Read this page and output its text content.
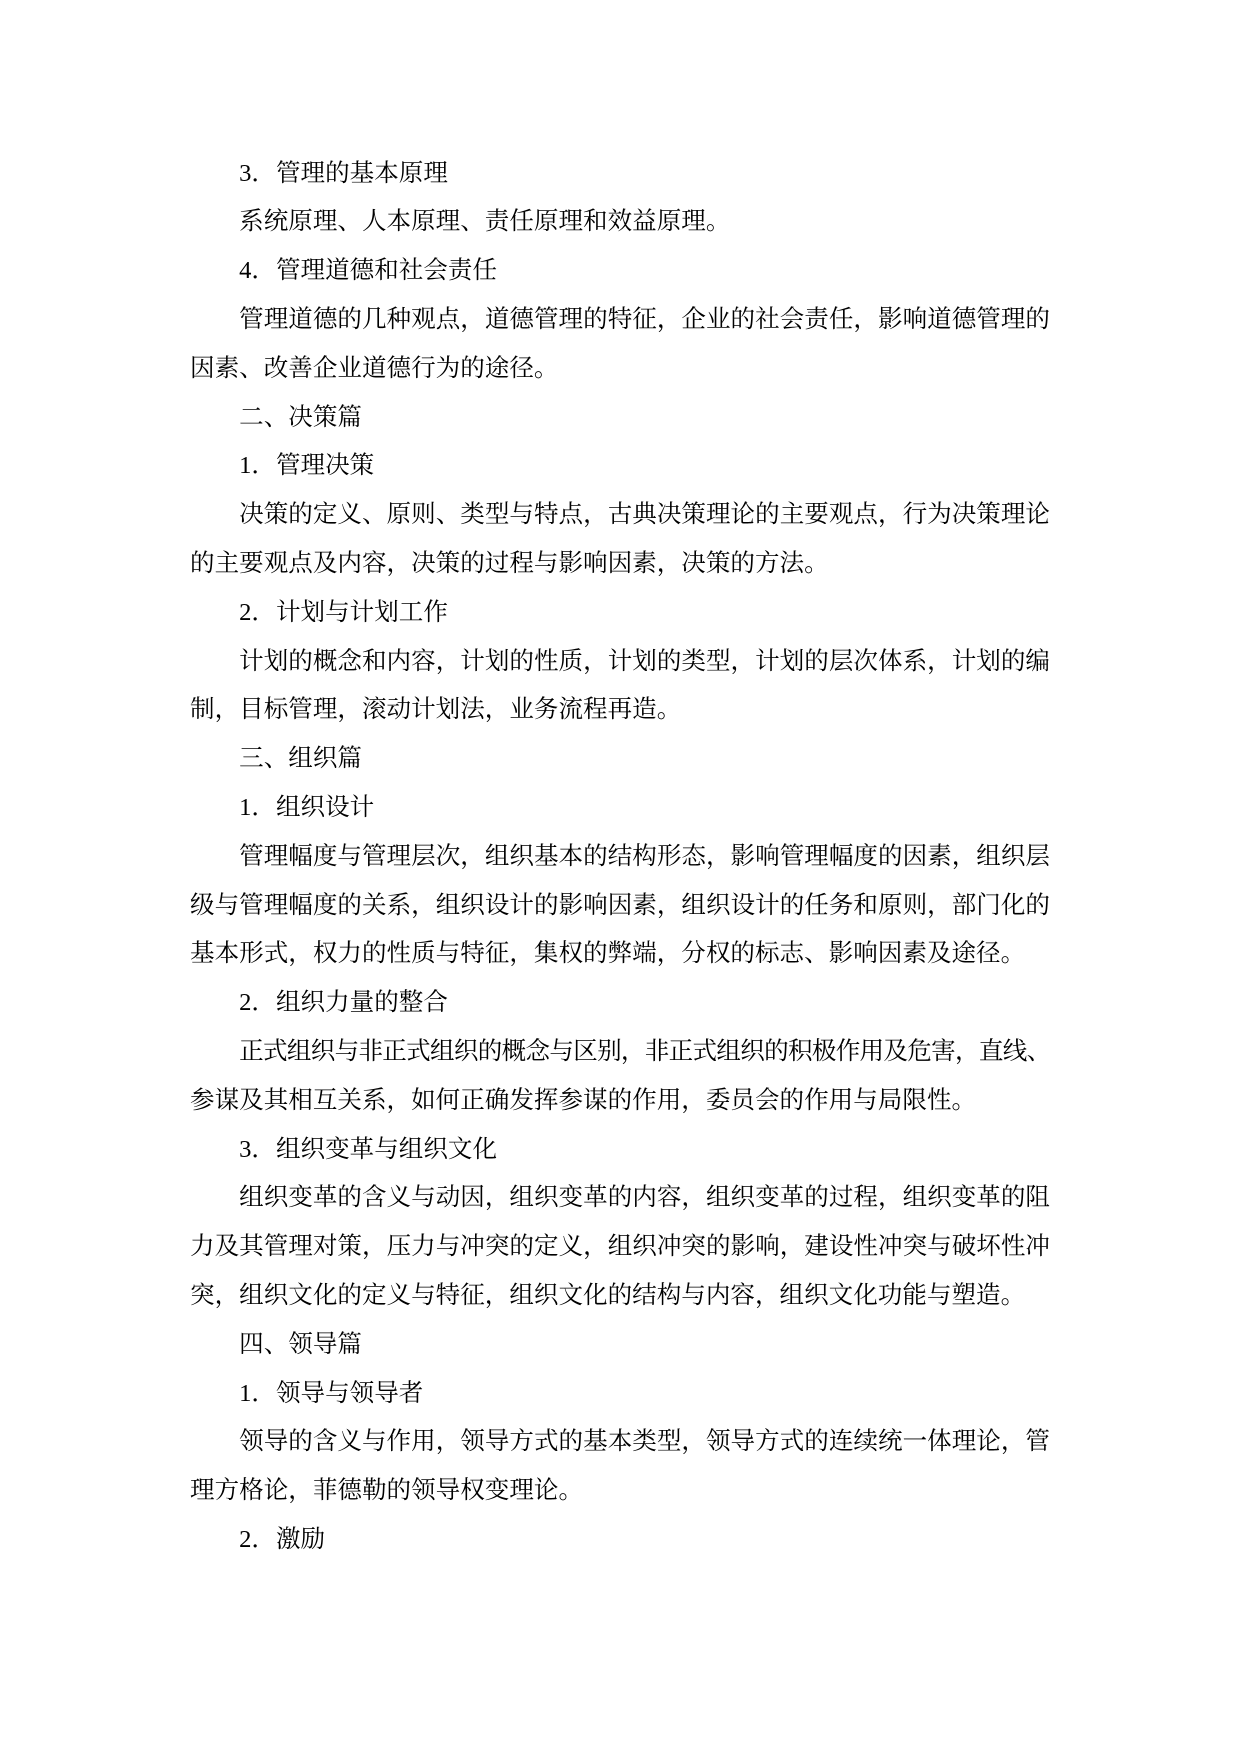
3．管理的基本原理
系统原理、人本原理、责任原理和效益原理。
4．管理道德和社会责任
管理道德的几种观点，道德管理的特征，企业的社会责任，影响道德管理的
因素、改善企业道德行为的途径。
二、决策篇
1．管理决策
决策的定义、原则、类型与特点，古典决策理论的主要观点，行为决策理论
的主要观点及内容，决策的过程与影响因素，决策的方法。
2．计划与计划工作
计划的概念和内容，计划的性质，计划的类型，计划的层次体系，计划的编
制，目标管理，滚动计划法，业务流程再造。
三、组织篇
1．组织设计
管理幅度与管理层次，组织基本的结构形态，影响管理幅度的因素，组织层
级与管理幅度的关系，组织设计的影响因素，组织设计的任务和原则，部门化的
基本形式，权力的性质与特征，集权的弊端，分权的标志、影响因素及途径。
2．组织力量的整合
正式组织与非正式组织的概念与区别，非正式组织的积极作用及危害，直线、
参谋及其相互关系，如何正确发挥参谋的作用，委员会的作用与局限性。
3．组织变革与组织文化
组织变革的含义与动因，组织变革的内容，组织变革的过程，组织变革的阻
力及其管理对策，压力与冲突的定义，组织冲突的影响，建设性冲突与破坏性冲
突，组织文化的定义与特征，组织文化的结构与内容，组织文化功能与塑造。
四、领导篇
1．领导与领导者
领导的含义与作用，领导方式的基本类型，领导方式的连续统一体理论，管
理方格论，菲德勒的领导权变理论。
2．激励
